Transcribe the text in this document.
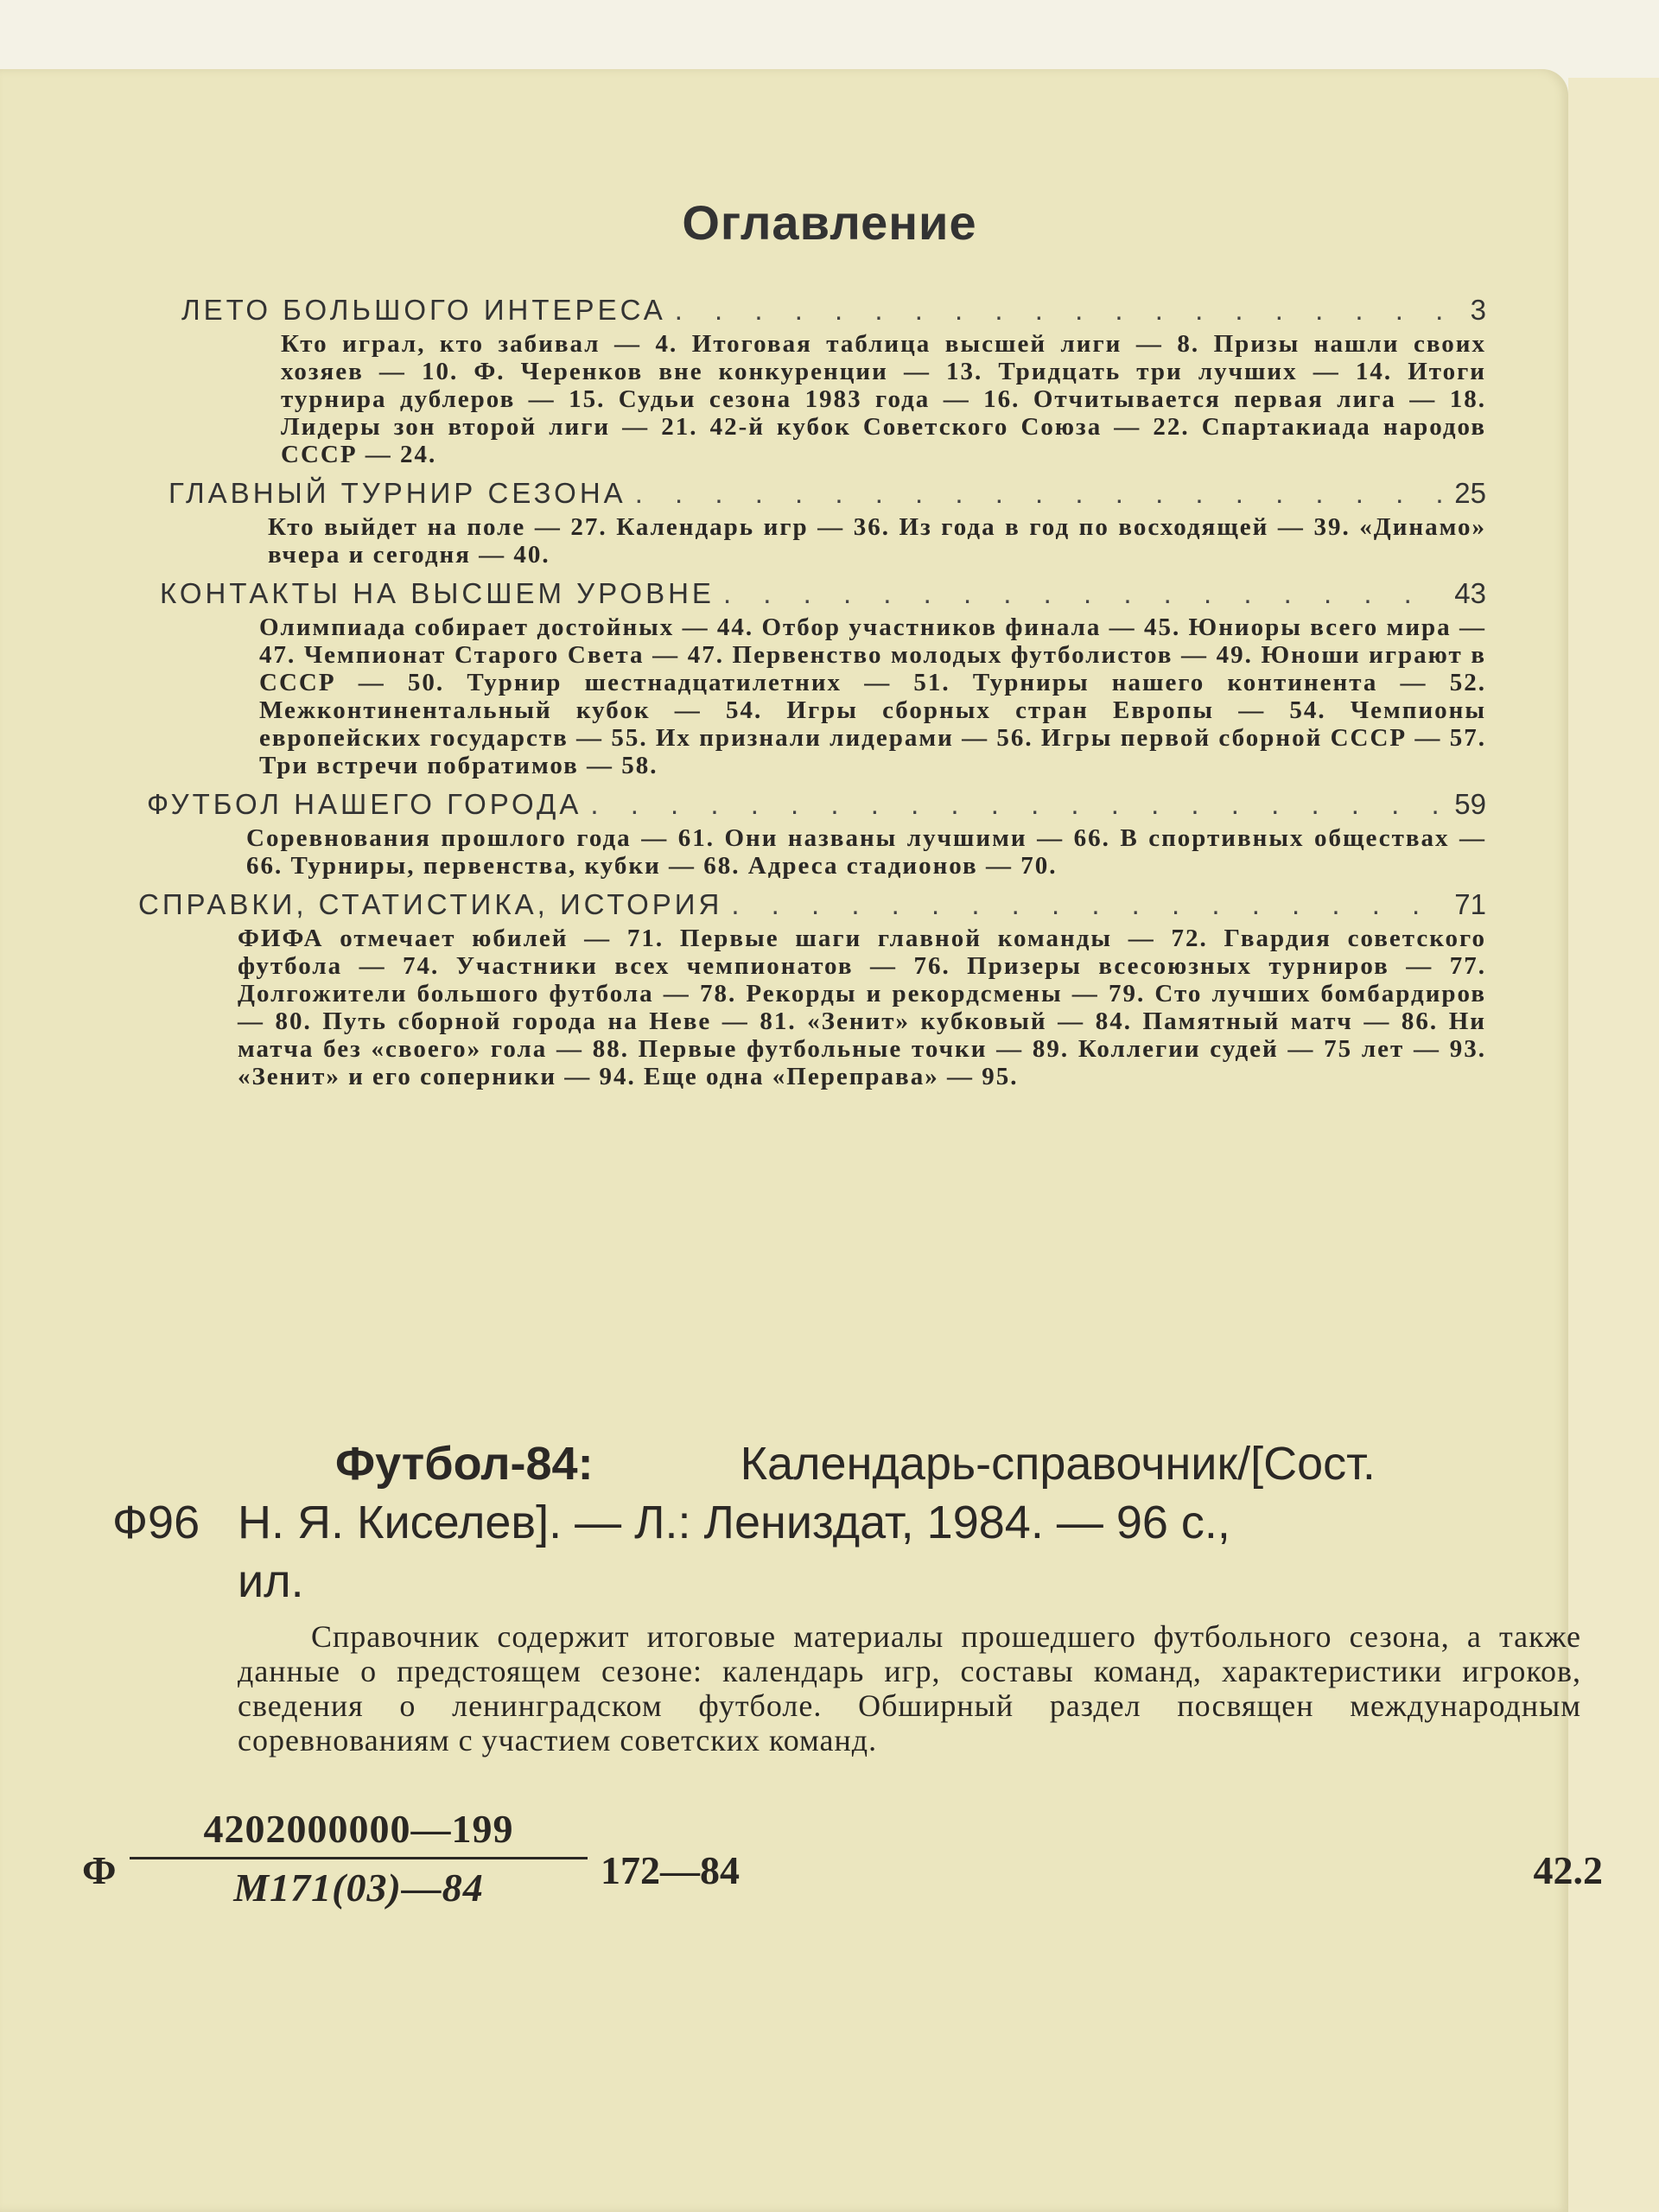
Оглавление
ЛЕТО БОЛЬШОГО ИНТЕРЕСА . . .	3
Кто играл, кто забивал — 4. Итоговая таблица высшей лиги — 8. Призы нашли своих хозяев — 10. Ф. Черенков вне конкуренции — 13. Тридцать три лучших — 14. Итоги турнира дублеров — 15. Судьи сезона 1983 года — 16. Отчитывается первая лига — 18. Лидеры зон второй лиги — 21. 42-й кубок Советского Союза — 22. Спартакиада народов СССР — 24.
ГЛАВНЫЙ ТУРНИР СЕЗОНА . . .	25
Кто выйдет на поле — 27. Календарь игр — 36. Из года в год по восходящей — 39. «Динамо» вчера и сегодня — 40.
КОНТАКТЫ НА ВЫСШЕМ УРОВНЕ . . .	43
Олимпиада собирает достойных — 44. Отбор участников финала — 45. Юниоры всего мира — 47. Чемпионат Старого Света — 47. Первенство молодых футболистов — 49. Юноши играют в СССР — 50. Турнир шестнадцатилетних — 51. Турниры нашего континента — 52. Межконтинентальный кубок — 54. Игры сборных стран Европы — 54. Чемпионы европейских государств — 55. Их признали лидерами — 56. Игры первой сборной СССР — 57. Три встречи побратимов — 58.
ФУТБОЛ НАШЕГО ГОРОДА . . .	59
Соревнования прошлого года — 61. Они названы лучшими — 66. В спортивных обществах — 66. Турниры, первенства, кубки — 68. Адреса стадионов — 70.
СПРАВКИ, СТАТИСТИКА, ИСТОРИЯ . . .	71
ФИФА отмечает юбилей — 71. Первые шаги главной команды — 72. Гвардия советского футбола — 74. Участники всех чемпионатов — 76. Призеры всесоюзных турниров — 77. Долгожители большого футбола — 78. Рекорды и рекордсмены — 79. Сто лучших бомбардиров — 80. Путь сборной города на Неве — 81. «Зенит» кубковый — 84. Памятный матч — 86. Ни матча без «своего» гола — 88. Первые футбольные точки — 89. Коллегии судей — 75 лет — 93. «Зенит» и его соперники — 94. Еще одна «Переправа» — 95.
Футбол-84:	Календарь-справочник/[Сост.
Ф96 Н. Я. Киселев]. — Л.: Лениздат, 1984. — 96 с.,
ил.
Справочник содержит итоговые материалы прошедшего футбольного сезона, а также данные о предстоящем сезоне: календарь игр, составы команд, характеристики игроков, сведения о ленинградском футболе. Обширный раздел посвящен международным соревнованиям с участием советских команд.
Ф
4202000000—199
М171(03)—84	172—84	42.2
